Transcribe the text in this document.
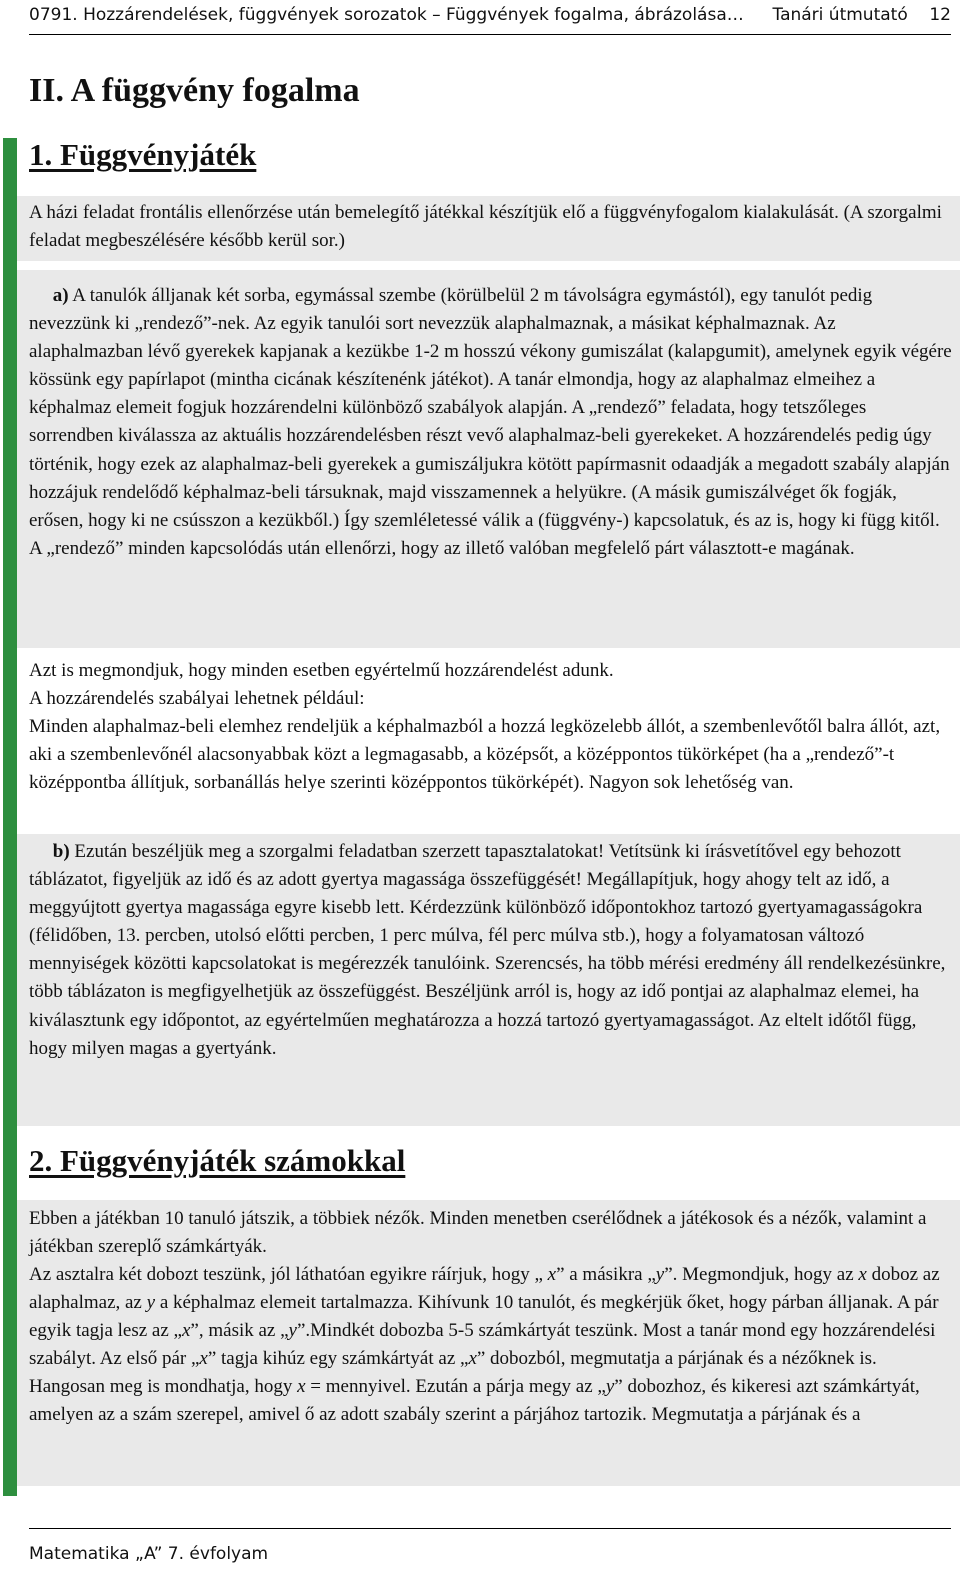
0791. Hozzárendelések, függvények sorozatok – Függvények fogalma, ábrázolása… Tanári útmutató 12
II. A függvény fogalma
1. Függvényjáték

A házi feladat frontális ellenőrzése után bemelegítő játékkal készítjük elő a függvényfogalom kialakulását. (A szorgalmi feladat megbeszélésére később kerül sor.)

a) A tanulók álljanak két sorba, egymással szembe (körülbelül 2 m távolságra egymástól), egy tanulót pedig nevezzünk ki „rendező”-nek. Az egyik tanulói sort nevezzük alaphalmaznak, a másikat képhalmaznak. Az alaphalmazban lévő gyerekek kapjanak a kezükbe 1-2 m hosszú vékony gumiszálat (kalapgumit), amelynek egyik végére kössünk egy papírlapot (mintha cicának készítenénk játékot). A tanár elmondja, hogy az alaphalmaz elmeihez a képhalmaz elemeit fogjuk hozzárendelni különböző szabályok alapján. A „rendező” feladata, hogy tetszőleges sorrendben kiválassza az aktuális hozzárendelésben részt vevő alaphalmaz-beli gyerekeket. A hozzárendelés pedig úgy történik, hogy ezek az alaphalmaz-beli gyerekek a gumiszáljukra kötött papírmasnit odaadják a megadott szabály alapján hozzájuk rendelődő képhalmaz-beli társuknak, majd visszamennek a helyükre. (A másik gumiszálvéget ők fogják, erősen, hogy ki ne csússzon a kezükből.) Így szemléletessé válik a (függvény-) kapcsolatuk, és az is, hogy ki függ kitől. A „rendező” minden kapcsolódás után ellenőrzi, hogy az illető valóban megfelelő párt választott-e magának.

Azt is megmondjuk, hogy minden esetben egyértelmű hozzárendelést adunk.

A hozzárendelés szabályai lehetnek például:

Minden alaphalmaz-beli elemhez rendeljük a képhalmazból a hozzá legközelebb állót, a szembenlevőtől balra állót, azt, aki a szembenlevőnél alacsonyabbak közt a legmagasabb, a középsőt, a középpontos tükörképet (ha a „rendező”-t középpontba állítjuk, sorbanállás helye szerinti középpontos tükörképét). Nagyon sok lehetőség van.

b) Ezután beszéljük meg a szorgalmi feladatban szerzett tapasztalatokat! Vetítsünk ki írásvetítővel egy behozott táblázatot, figyeljük az idő és az adott gyertya magassága összefüggését! Megállapítjuk, hogy ahogy telt az idő, a meggyújtott gyertya magassága egyre kisebb lett. Kérdezzünk különböző időpontokhoz tartozó gyertyamagasságokra (félidőben, 13. percben, utolsó előtti percben, 1 perc múlva, fél perc múlva stb.), hogy a folyamatosan változó mennyiségek közötti kapcsolatokat is megérezzék tanulóink. Szerencsés, ha több mérési eredmény áll rendelkezésünkre, több táblázaton is megfigyelhetjük az összefüggést. Beszéljünk arról is, hogy az idő pontjai az alaphalmaz elemei, ha kiválasztunk egy időpontot, az egyértelműen meghatározza a hozzá tartozó gyertyamagasságot. Az eltelt időtől függ, hogy milyen magas a gyertyánk.

2. Függvényjáték számokkal

Ebben a játékban 10 tanuló játszik, a többiek nézők. Minden menetben cserélődnek a játékosok és a nézők, valamint a játékban szereplő számkártyák.

Az asztalra két dobozt teszünk, jól láthatóan egyikre ráírjuk, hogy „ x” a másikra „y”. Megmondjuk, hogy az x doboz az alaphalmaz, az y a képhalmaz elemeit tartalmazza. Kihívunk 10 tanulót, és megkérjük őket, hogy párban álljanak. A pár egyik tagja lesz az „x”, másik az „y”.Mindkét dobozba 5-5 számkártyát teszünk. Most a tanár mond egy hozzárendelési szabályt. Az első pár „x” tagja kihúz egy számkártyát az „x” dobozból, megmutatja a párjának és a nézőknek is. Hangosan meg is mondhatja, hogy x = mennyivel. Ezután a párja megy az „y” dobozhoz, és kikeresi azt számkártyát, amelyen az a szám szerepel, amivel ő az adott szabály szerint a párjához tartozik. Megmutatja a párjának és a

Matematika „A” 7. évfolyam
